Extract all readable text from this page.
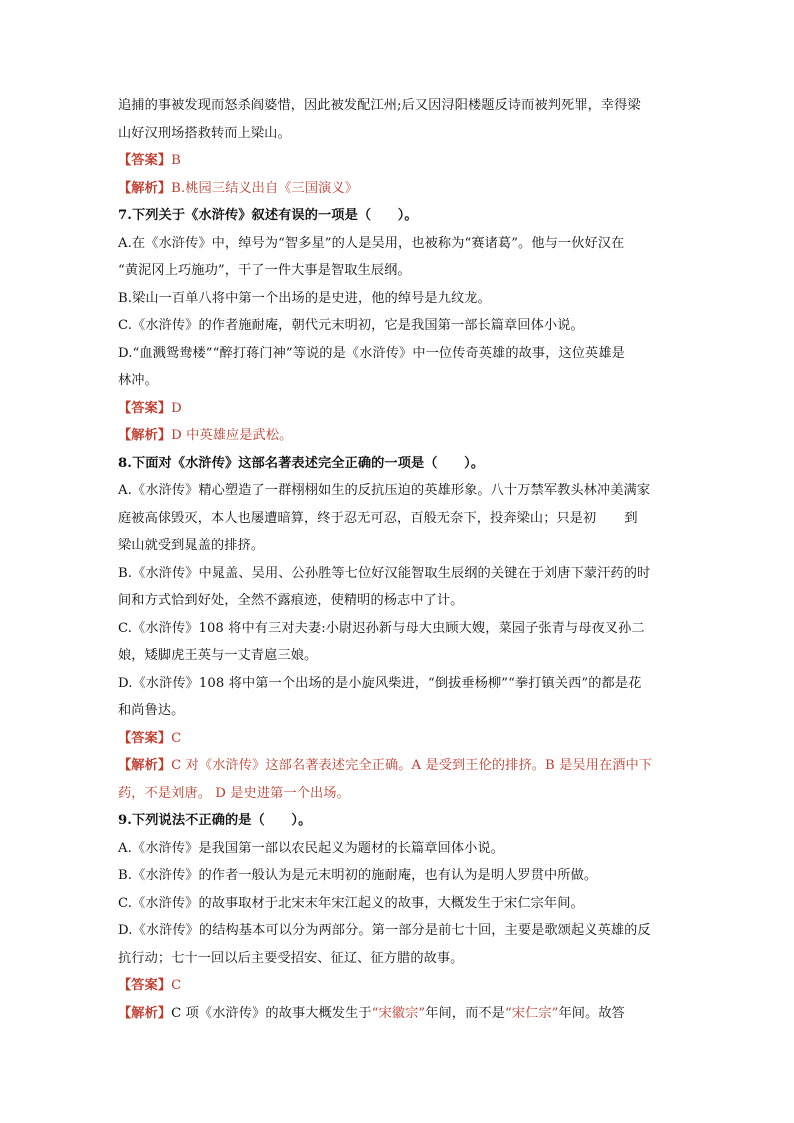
追捕的事被发现而怒杀阎婆惜，因此被发配江州;后又因浔阳楼题反诗而被判死罪，幸得梁
山好汉刑场搭救转而上梁山。
【答案】B
【解析】B.桃园三结义出自《三国演义》
7.下列关于《水浒传》叙述有误的一项是（　　）。
A.在《水浒传》中，绰号为“智多星”的人是吴用，也被称为“赛诸葛”。他与一伙好汉在
“黄泥冈上巧施功”，干了一件大事是智取生辰纲。
B.梁山一百单八将中第一个出场的是史进，他的绰号是九纹龙。
C.《水浒传》的作者施耐庵，朝代元末明初，它是我国第一部长篇章回体小说。
D.“血溅鸳鸯楼”“醉打蒋门神”等说的是《水浒传》中一位传奇英雄的故事，这位英雄是
林冲。
【答案】D
【解析】D 中英雄应是武松。
8.下面对《水浒传》这部名著表述完全正确的一项是（　　）。
A.《水浒传》精心塑造了一群栩栩如生的反抗压迫的英雄形象。八十万禁军教头林冲美满家
庭被高俅毁灭，本人也屡遭暗算，终于忍无可忍，百般无奈下，投奔梁山；只是初 到
梁山就受到晁盖的排挤。
B.《水浒传》中晁盖、吴用、公孙胜等七位好汉能智取生辰纲的关键在于刘唐下蒙汗药的时
间和方式恰到好处，全然不露痕迹，使精明的杨志中了计。
C.《水浒传》108 将中有三对夫妻:小尉迟孙新与母大虫顾大嫂，菜园子张青与母夜叉孙二
娘，矮脚虎王英与一丈青扈三娘。
D.《水浒传》108 将中第一个出场的是小旋风柴进，“倒拔垂杨柳”“拳打镇关西”的都是花
和尚鲁达。
【答案】C
【解析】C 对《水浒传》这部名著表述完全正确。A 是受到王伦的排挤。B 是吴用在酒中下
药，不是刘唐。 D 是史进第一个出场。
9.下列说法不正确的是（　　）。
A.《水浒传》是我国第一部以农民起义为题材的长篇章回体小说。
B.《水浒传》的作者一般认为是元末明初的施耐庵，也有认为是明人罗贯中所做。
C.《水浒传》的故事取材于北宋末年宋江起义的故事，大概发生于宋仁宗年间。
D.《水浒传》的结构基本可以分为两部分。第一部分是前七十回，主要是歌颂起义英雄的反
抗行动；七十一回以后主要受招安、征辽、征方腊的故事。
【答案】C
【解析】C 项《水浒传》的故事大概发生于“宋徽宗”年间，而不是“宋仁宗”年间。故答
